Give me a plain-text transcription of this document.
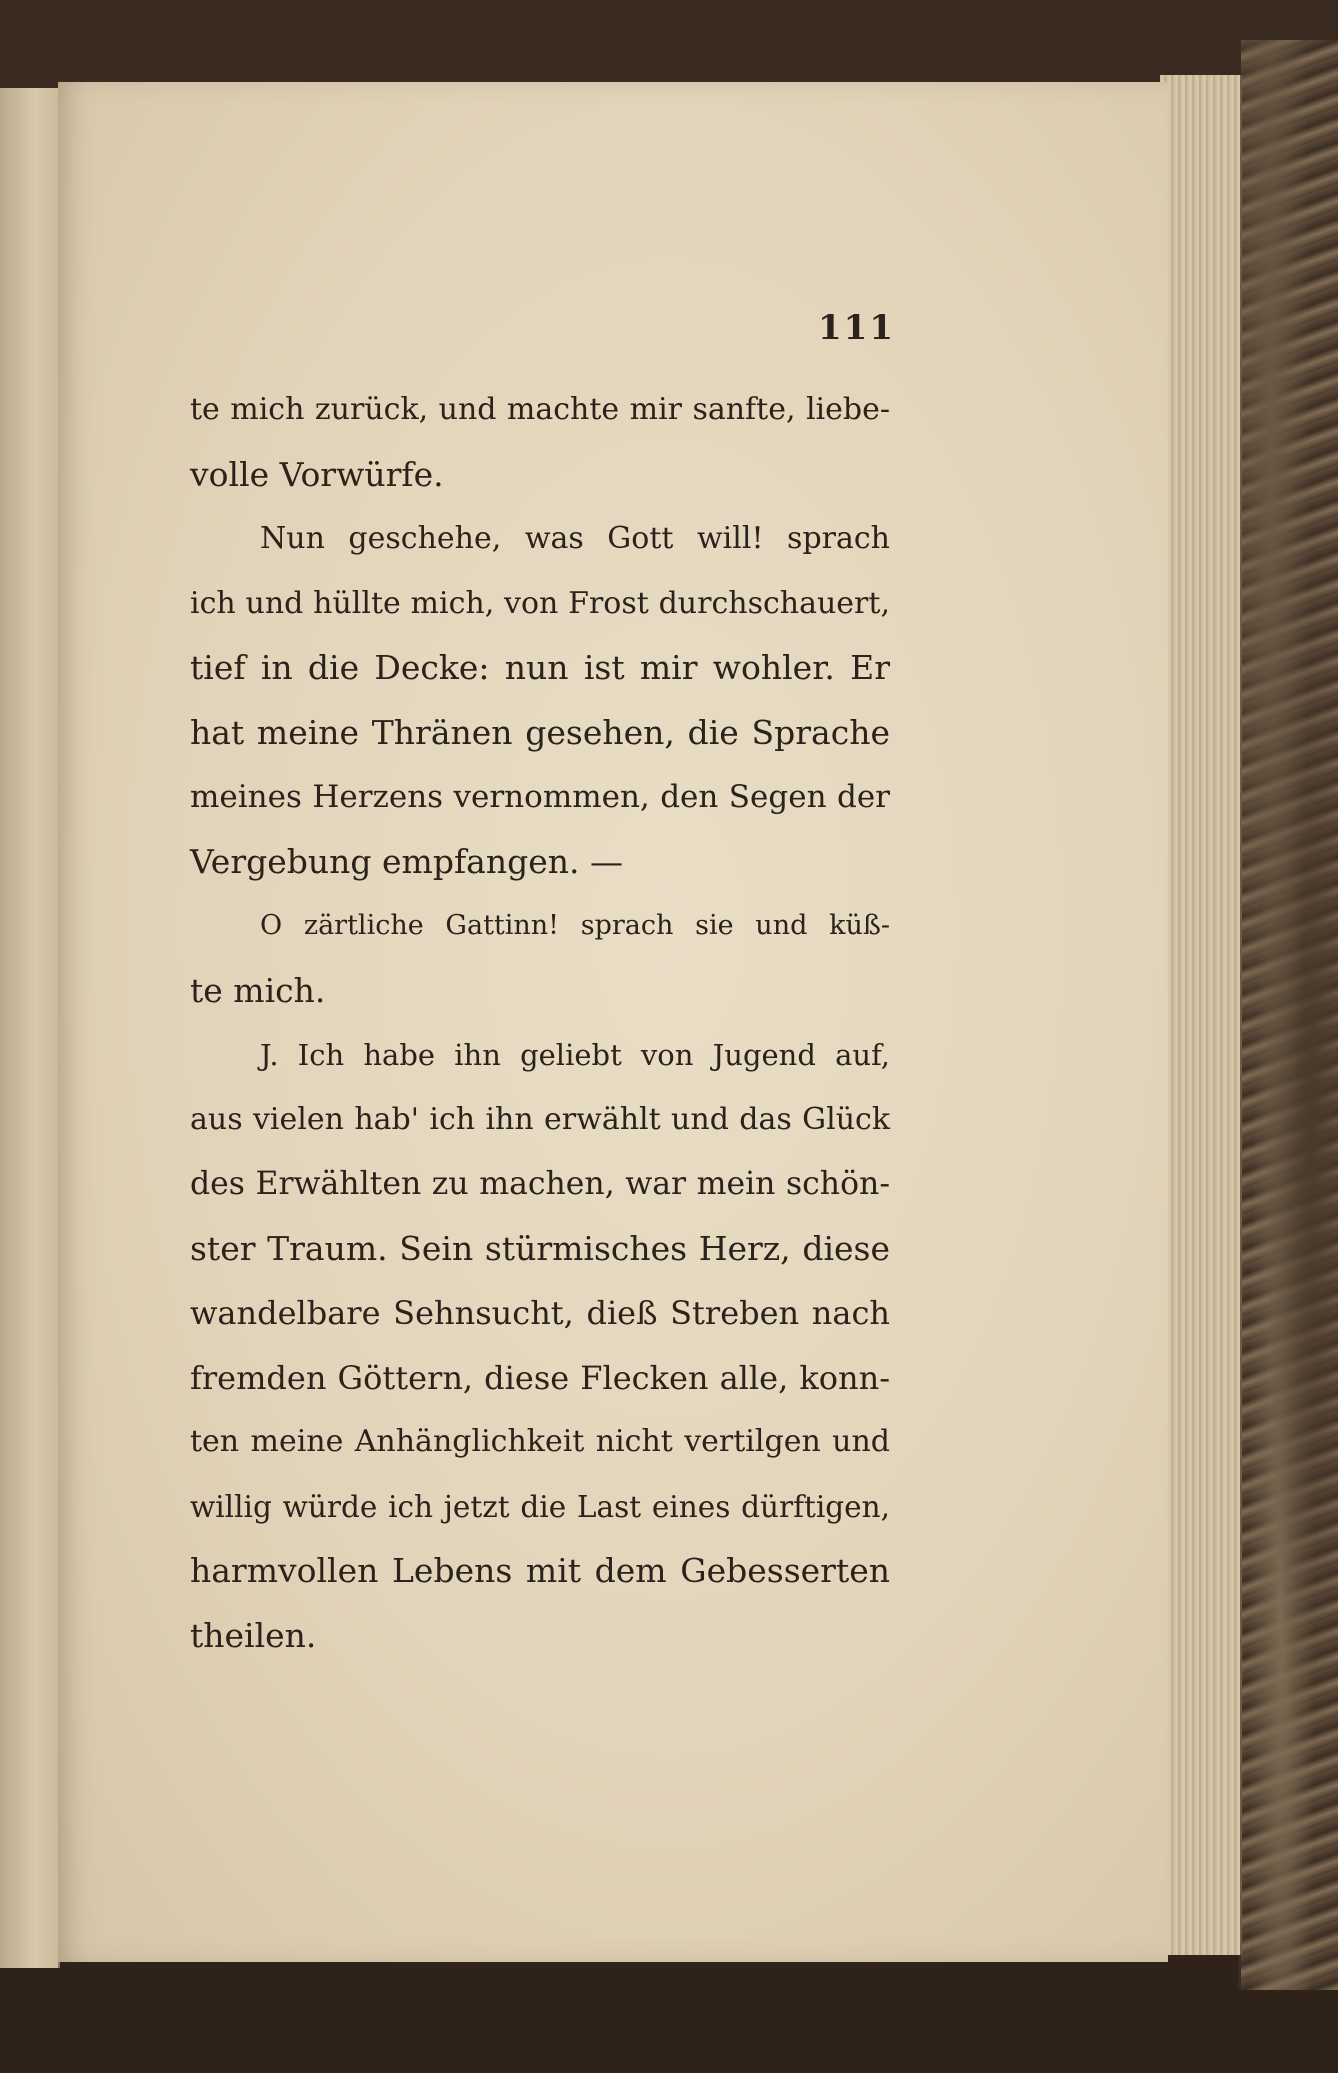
111
te mich zurück, und machte mir sanfte, liebe-
volle Vorwürfe.
Nun geschehe, was Gott will! sprach
ich und hüllte mich, von Frost durchschauert,
tief in die Decke: nun ist mir wohler. Er
hat meine Thränen gesehen, die Sprache
meines Herzens vernommen, den Segen der
Vergebung empfangen. —
O zärtliche Gattinn! sprach sie und küß-
te mich.
J. Ich habe ihn geliebt von Jugend auf,
aus vielen hab' ich ihn erwählt und das Glück
des Erwählten zu machen, war mein schön-
ster Traum. Sein stürmisches Herz, diese
wandelbare Sehnsucht, dieß Streben nach
fremden Göttern, diese Flecken alle, konn-
ten meine Anhänglichkeit nicht vertilgen und
willig würde ich jetzt die Last eines dürftigen,
harmvollen Lebens mit dem Gebesserten
theilen.
